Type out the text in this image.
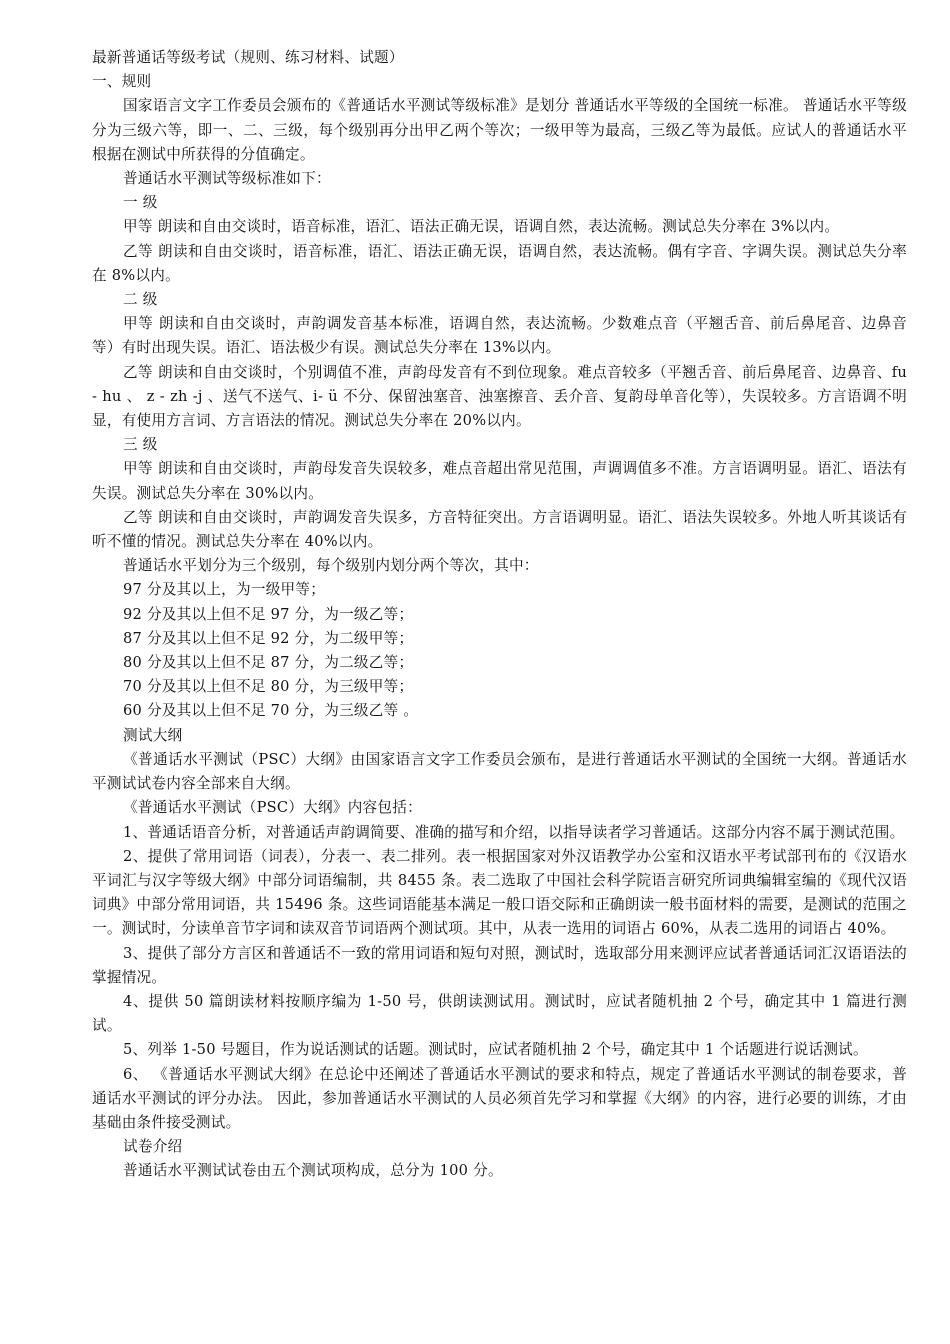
最新普通话等级考试（规则、练习材料、试题）

一、规则

国家语言文字工作委员会颁布的《普通话水平测试等级标准》是划分 普通话水平等级的全国统一标准。 普通话水平等级分为三级六等，即一、二、三级，每个级别再分出甲乙两个等次；一级甲等为最高，三级乙等为最低。应试人的普通话水平根据在测试中所获得的分值确定。

普通话水平测试等级标准如下：

一 级

甲等 朗读和自由交谈时，语音标准，语汇、语法正确无误，语调自然，表达流畅。测试总失分率在 3%以内。

乙等 朗读和自由交谈时，语音标准，语汇、语法正确无误，语调自然，表达流畅。偶有字音、字调失误。测试总失分率在 8%以内。

二 级

甲等 朗读和自由交谈时，声韵调发音基本标准，语调自然，表达流畅。少数难点音（平翘舌音、前后鼻尾音、边鼻音等）有时出现失误。语汇、语法极少有误。测试总失分率在 13%以内。

乙等 朗读和自由交谈时，个别调值不准，声韵母发音有不到位现象。难点音较多（平翘舌音、前后鼻尾音、边鼻音、fu - hu 、 z - zh -j 、送气不送气、i- ü 不分、保留浊塞音、浊塞擦音、丢介音、复韵母单音化等），失误较多。方言语调不明显，有使用方言词、方言语法的情况。测试总失分率在 20%以内。

三 级

甲等 朗读和自由交谈时，声韵母发音失误较多，难点音超出常见范围，声调调值多不准。方言语调明显。语汇、语法有失误。测试总失分率在 30%以内。

乙等 朗读和自由交谈时，声韵调发音失误多，方音特征突出。方言语调明显。语汇、语法失误较多。外地人听其谈话有听不懂的情况。测试总失分率在 40%以内。

普通话水平划分为三个级别，每个级别内划分两个等次，其中：

97 分及其以上，为一级甲等；

92 分及其以上但不足 97 分，为一级乙等；

87 分及其以上但不足 92 分，为二级甲等；

80 分及其以上但不足 87 分，为二级乙等；

70 分及其以上但不足 80 分，为三级甲等；

60 分及其以上但不足 70 分，为三级乙等 。

测试大纲

《普通话水平测试（PSC）大纲》由国家语言文字工作委员会颁布，是进行普通话水平测试的全国统一大纲。普通话水平测试试卷内容全部来自大纲。

《普通话水平测试（PSC）大纲》内容包括：

1、普通话语音分析，对普通话声韵调简要、准确的描写和介绍，以指导读者学习普通话。这部分内容不属于测试范围。

2、提供了常用词语（词表），分表一、表二排列。表一根据国家对外汉语教学办公室和汉语水平考试部刊布的《汉语水平词汇与汉字等级大纲》中部分词语编制，共 8455 条。表二选取了中国社会科学院语言研究所词典编辑室编的《现代汉语词典》中部分常用词语，共 15496 条。这些词语能基本满足一般口语交际和正确朗读一般书面材料的需要，是测试的范围之一。测试时，分读单音节字词和读双音节词语两个测试项。其中，从表一选用的词语占 60%，从表二选用的词语占 40%。

3、提供了部分方言区和普通话不一致的常用词语和短句对照，测试时，选取部分用来测评应试者普通话词汇汉语语法的掌握情况。

4、提供 50 篇朗读材料按顺序编为 1-50 号，供朗读测试用。测试时，应试者随机抽 2 个号，确定其中 1 篇进行测试。

5、列举 1-50 号题目，作为说话测试的话题。测试时，应试者随机抽 2 个号，确定其中 1 个话题进行说话测试。

6、 《普通话水平测试大纲》在总论中还阐述了普通话水平测试的要求和特点，规定了普通话水平测试的制卷要求，普通话水平测试的评分办法。 因此，参加普通话水平测试的人员必须首先学习和掌握《大纲》的内容，进行必要的训练，才由基础由条件接受测试。

试卷介绍

普通话水平测试试卷由五个测试项构成，总分为 100 分。
